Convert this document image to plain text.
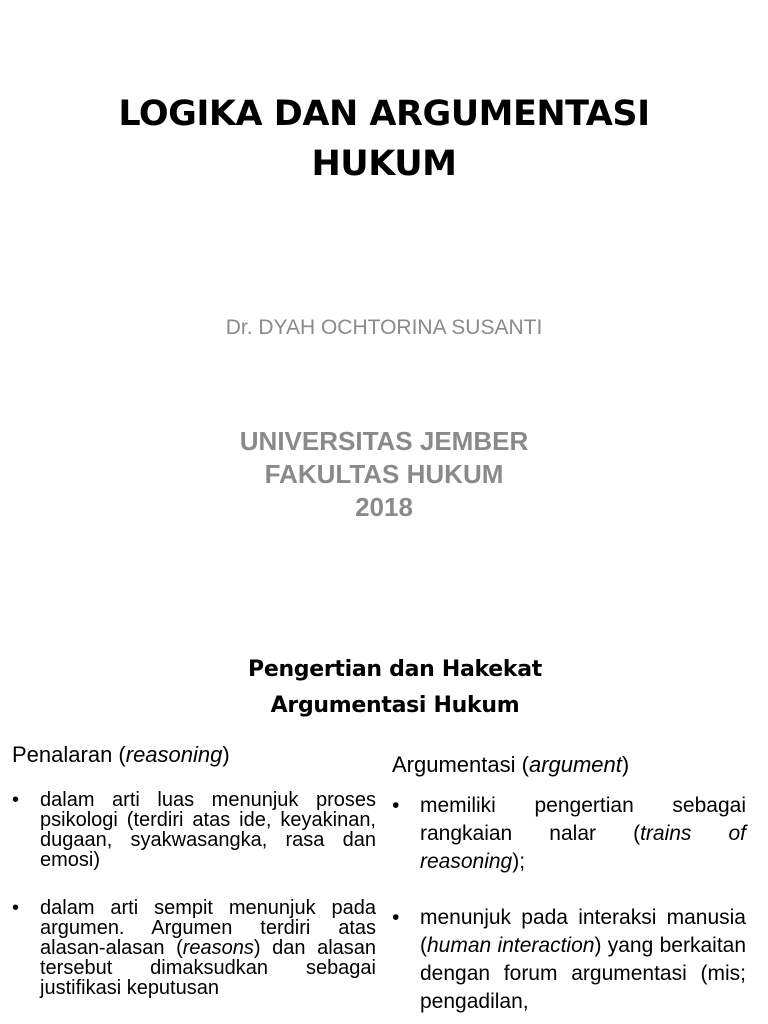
LOGIKA DAN ARGUMENTASI
HUKUM
Dr. DYAH OCHTORINA SUSANTI
UNIVERSITAS JEMBER
FAKULTAS HUKUM
2018
Pengertian dan Hakekat
Argumentasi Hukum
Penalaran (reasoning)
• dalam arti luas menunjuk proses psikologi (terdiri atas ide, keyakinan, dugaan, syakwasangka, rasa dan emosi)
• dalam arti sempit menunjuk pada argumen. Argumen terdiri atas alasan-alasan (reasons) dan alasan tersebut dimaksudkan sebagai justifikasi keputusan
Argumentasi (argument)
• memiliki pengertian sebagai rangkaian nalar (trains of reasoning);
• menunjuk pada interaksi manusia (human interaction) yang berkaitan dengan forum argumentasi (mis; pengadilan,
